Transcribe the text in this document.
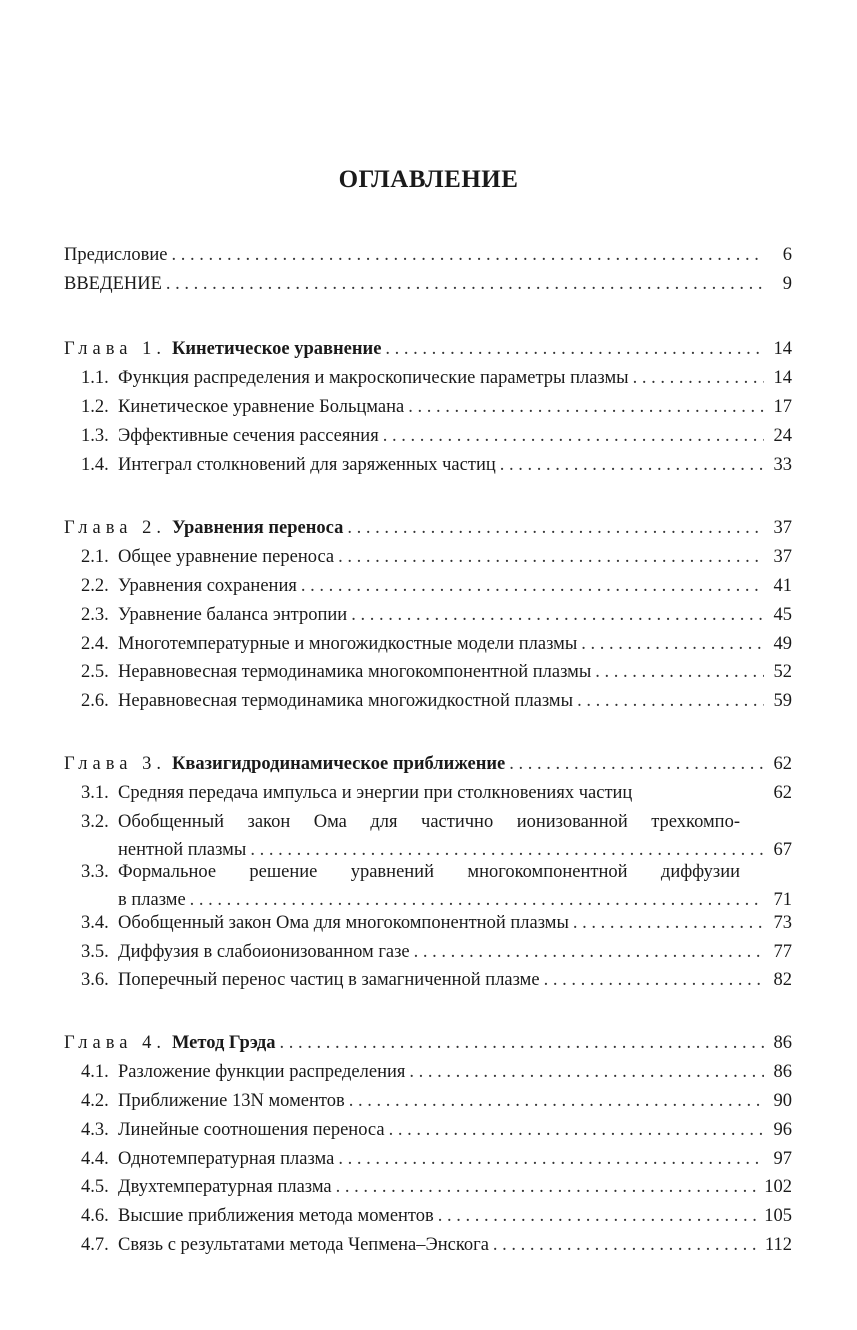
ОГЛАВЛЕНИЕ
Предисловие . . .	6
ВВЕДЕНИЕ . . .	9
Глава 1. Кинетическое уравнение . . .	14
1.1. Функция распределения и макроскопические параметры плазмы . . .	14
1.2. Кинетическое уравнение Больцмана . . .	17
1.3. Эффективные сечения рассеяния . . .	24
1.4. Интеграл столкновений для заряженных частиц . . .	33
Глава 2. Уравнения переноса . . .	37
2.1. Общее уравнение переноса . . .	37
2.2. Уравнения сохранения . . .	41
2.3. Уравнение баланса энтропии . . .	45
2.4. Многотемпературные и многожидкостные модели плазмы . . .	49
2.5. Неравновесная термодинамика многокомпонентной плазмы . . .	52
2.6. Неравновесная термодинамика многожидкостной плазмы . . .	59
Глава 3. Квазигидродинамическое приближение . . .	62
3.1. Средняя передача импульса и энергии при столкновениях частиц	62
3.2. Обобщенный закон Ома для частично ионизованной трехкомпо-
нентной плазмы . . .	67
3.3. Формальное решение уравнений многокомпонентной диффузии
в плазме . . .	71
3.4. Обобщенный закон Ома для многокомпонентной плазмы . . .	73
3.5. Диффузия в слабоионизованном газе . . .	77
3.6. Поперечный перенос частиц в замагниченной плазме . . .	82
Глава 4. Метод Грэда . . .	86
4.1. Разложение функции распределения . . .	86
4.2. Приближение 13N моментов . . .	90
4.3. Линейные соотношения переноса . . .	96
4.4. Однотемпературная плазма . . .	97
4.5. Двухтемпературная плазма . . .	102
4.6. Высшие приближения метода моментов . . .	105
4.7. Связь с результатами метода Чепмена–Энскога . . .	112
